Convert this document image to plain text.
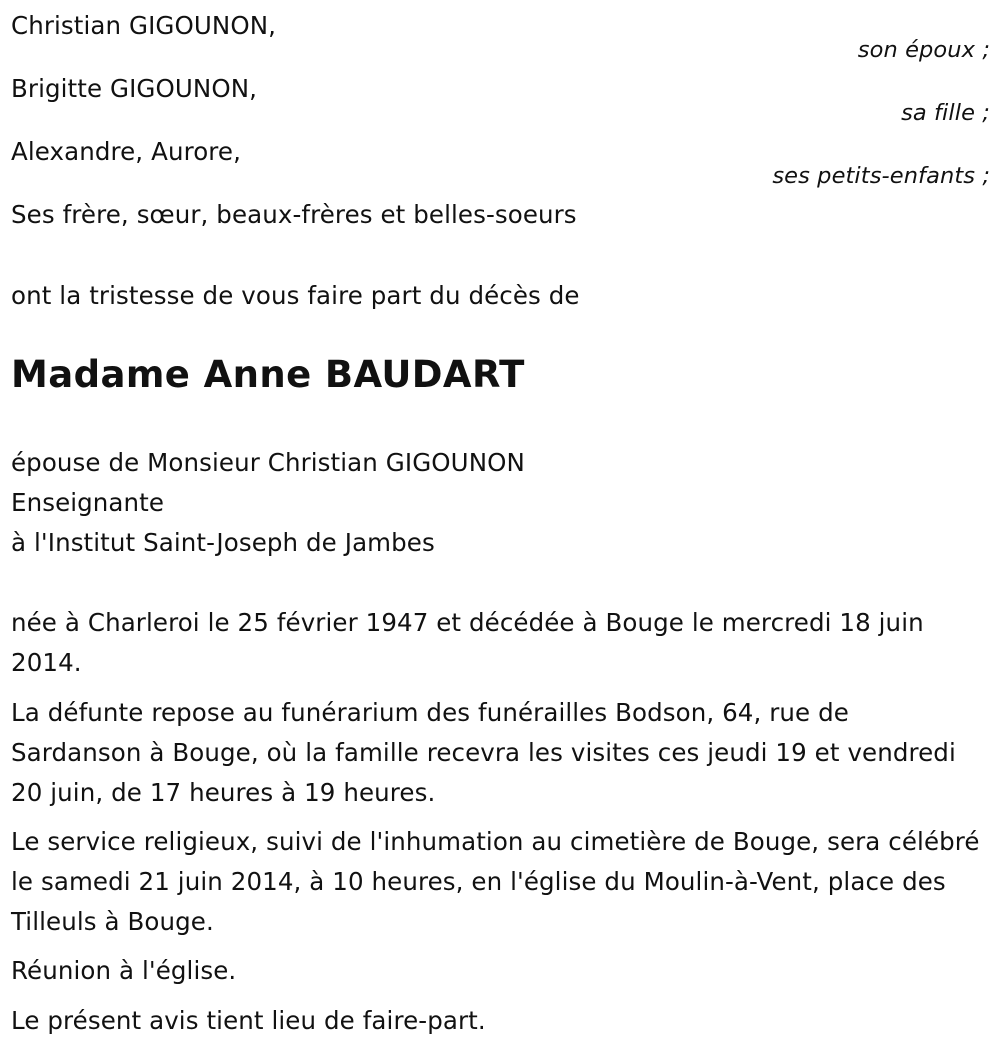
Christian GIGOUNON,
son époux ;
Brigitte GIGOUNON,
sa fille ;
Alexandre, Aurore,
ses petits-enfants ;
Ses frère, sœur, beaux-frères et belles-soeurs
ont la tristesse de vous faire part du décès de
Madame Anne BAUDART
épouse de Monsieur Christian GIGOUNON
Enseignante
à l'Institut Saint-Joseph de Jambes
née à Charleroi le 25 février 1947 et décédée à Bouge le mercredi 18 juin 2014.
La défunte repose au funérarium des funérailles Bodson, 64, rue de Sardanson à Bouge, où la famille recevra les visites ces jeudi 19 et vendredi 20 juin, de 17 heures à 19 heures.
Le service religieux, suivi de l'inhumation au cimetière de Bouge, sera célébré le samedi 21 juin 2014, à 10 heures, en l'église du Moulin-à-Vent, place des Tilleuls à Bouge.
Réunion à l'église.
Le présent avis tient lieu de faire-part.
